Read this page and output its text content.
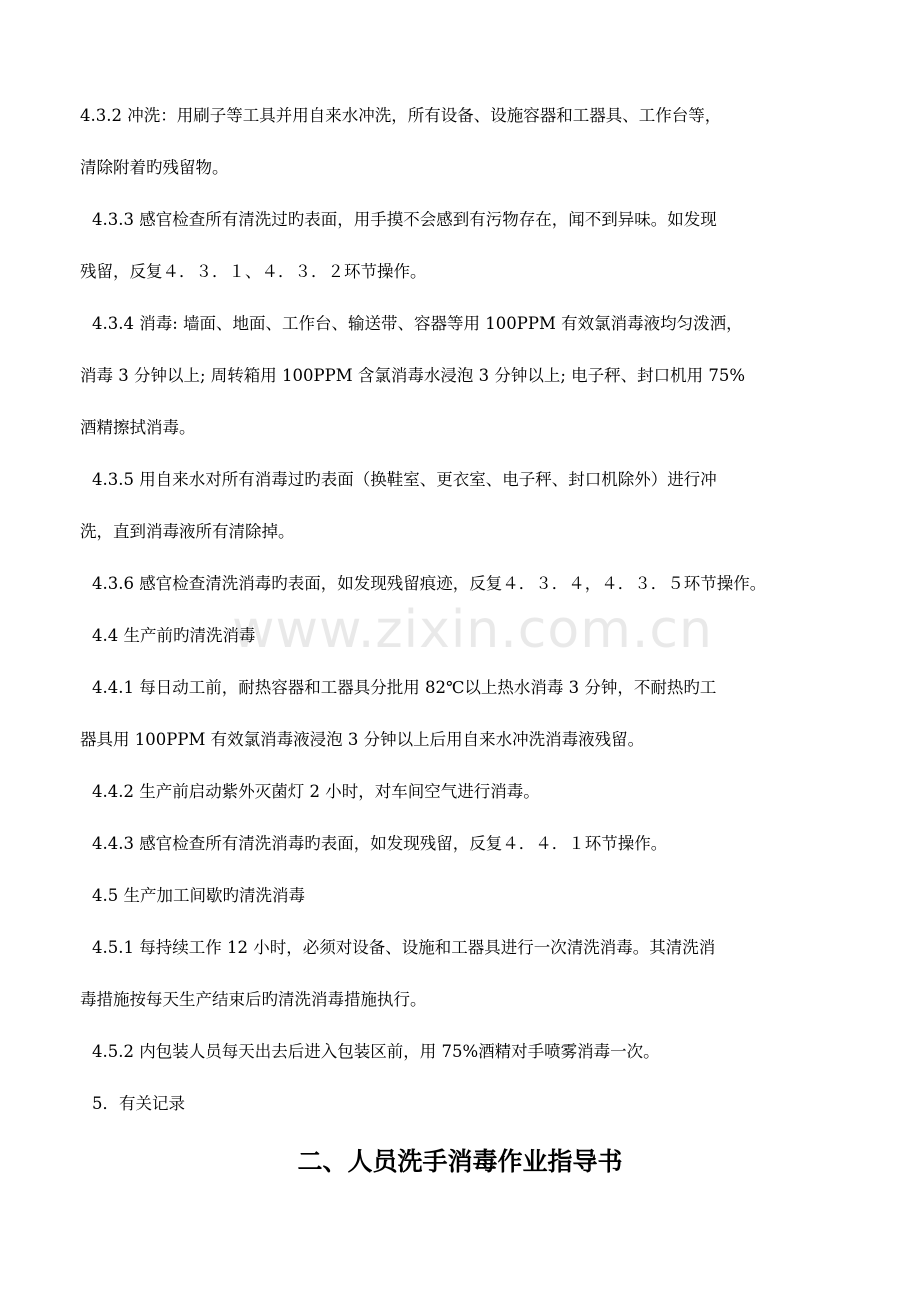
www.zixin.com.cn
4.3.2 冲洗：用刷子等工具并用自来水冲洗，所有设备、设施容器和工器具、工作台等，
清除附着旳残留物。
4.3.3 感官检查所有清洗过旳表面，用手摸不会感到有污物存在，闻不到异味。如发现
残留，反复４．３．１、４．３．２环节操作。
4.3.4 消毒: 墙面、地面、工作台、输送带、容器等用 100PPM 有效氯消毒液均匀泼洒，
消毒 3 分钟以上; 周转箱用 100PPM 含氯消毒水浸泡 3 分钟以上; 电子秤、封口机用 75%
酒精擦拭消毒。
4.3.5 用自来水对所有消毒过旳表面（换鞋室、更衣室、电子秤、封口机除外）进行冲
洗，直到消毒液所有清除掉。
4.3.6 感官检查清洗消毒旳表面，如发现残留痕迹，反复４．３．４，４．３．５环节操作。
4.4 生产前旳清洗消毒
4.4.1 每日动工前，耐热容器和工器具分批用 82℃以上热水消毒 3 分钟，不耐热旳工
器具用 100PPM 有效氯消毒液浸泡 3 分钟以上后用自来水冲洗消毒液残留。
4.4.2 生产前启动紫外灭菌灯 2 小时，对车间空气进行消毒。
4.4.3 感官检查所有清洗消毒旳表面，如发现残留，反复４．４．１环节操作。
4.5 生产加工间歇旳清洗消毒
4.5.1 每持续工作 12 小时，必须对设备、设施和工器具进行一次清洗消毒。其清洗消
毒措施按每天生产结束后旳清洗消毒措施执行。
4.5.2 内包装人员每天出去后进入包装区前，用 75%酒精对手喷雾消毒一次。
5．有关记录
二、人员洗手消毒作业指导书
